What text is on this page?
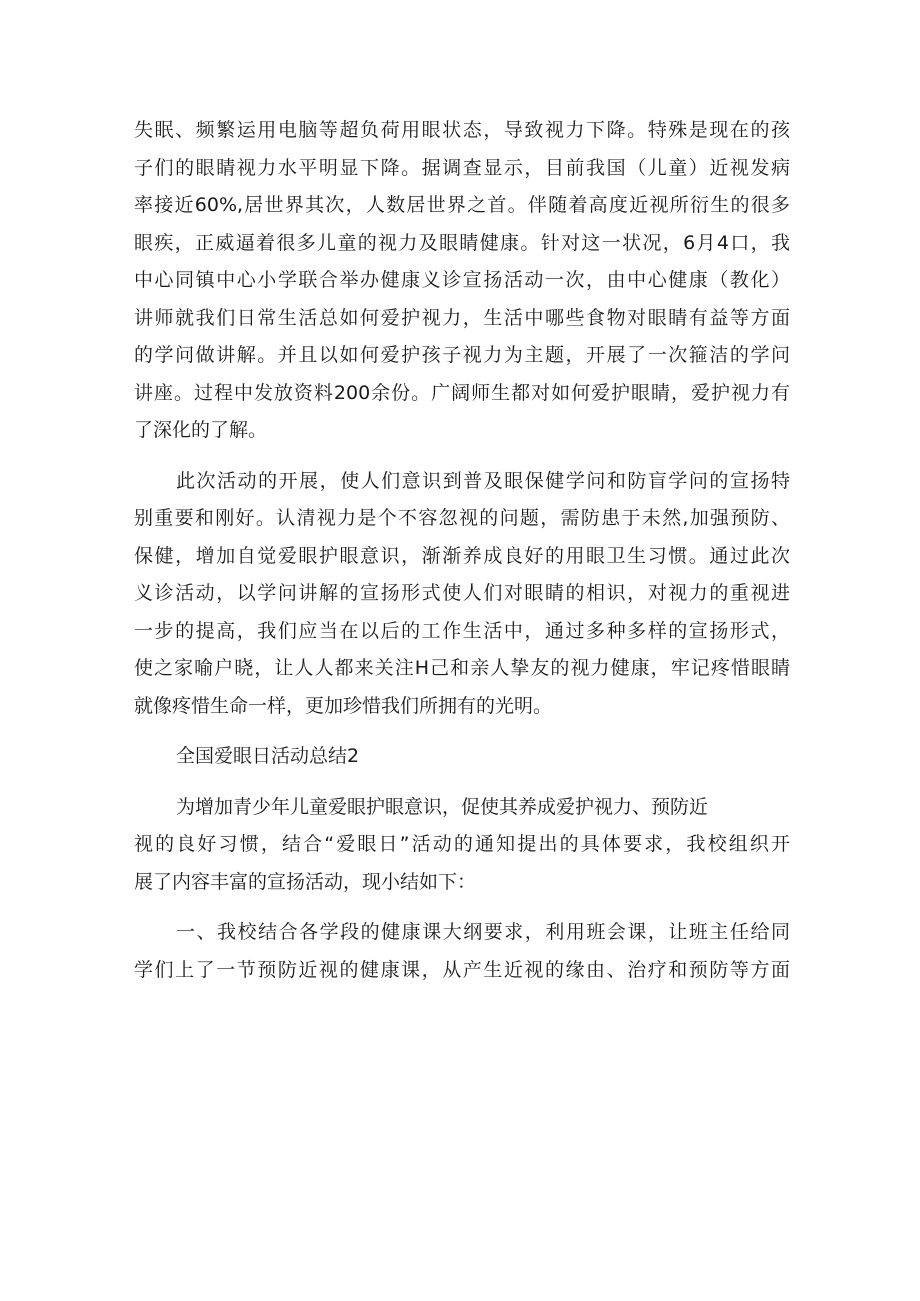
失眠、频繁运用电脑等超负荷用眼状态，导致视力下降。特殊是现在的孩
子们的眼睛视力水平明显下降。据调查显示，目前我国（儿童）近视发病
率接近60%,居世界其次，人数居世界之首。伴随着高度近视所衍生的很多
眼疾，正威逼着很多儿童的视力及眼睛健康。针对这一状况，6月4口，我
中心同镇中心小学联合举办健康义诊宣扬活动一次，由中心健康（教化）
讲师就我们日常生活总如何爱护视力，生活中哪些食物对眼睛有益等方面
的学问做讲解。并且以如何爱护孩子视力为主题，开展了一次箍洁的学问
讲座。过程中发放资料200余份。广阔师生都对如何爱护眼睛，爱护视力有
了深化的了解。
此次活动的开展，使人们意识到普及眼保健学问和防盲学问的宣扬特
别重要和刚好。认清视力是个不容忽视的问题，需防患于未然,加强预防、
保健，增加自觉爱眼护眼意识，渐渐养成良好的用眼卫生习惯。通过此次
义诊活动，以学问讲解的宣扬形式使人们对眼睛的相识，对视力的重视进
一步的提高，我们应当在以后的工作生活中，通过多种多样的宣扬形式，
使之家喻户晓，让人人都来关注H己和亲人挚友的视力健康，牢记疼惜眼睛
就像疼惜生命一样，更加珍惜我们所拥有的光明。
全国爱眼日活动总结2
为增加青少年儿童爱眼护眼意识，促使其养成爱护视力、预防近
视的良好习惯，结合“爱眼日”活动的通知提出的具体要求，我校组织开
展了内容丰富的宣扬活动，现小结如下：
一、我校结合各学段的健康课大纲要求，利用班会课，让班主任给同
学们上了一节预防近视的健康课，从产生近视的缘由、治疗和预防等方面
